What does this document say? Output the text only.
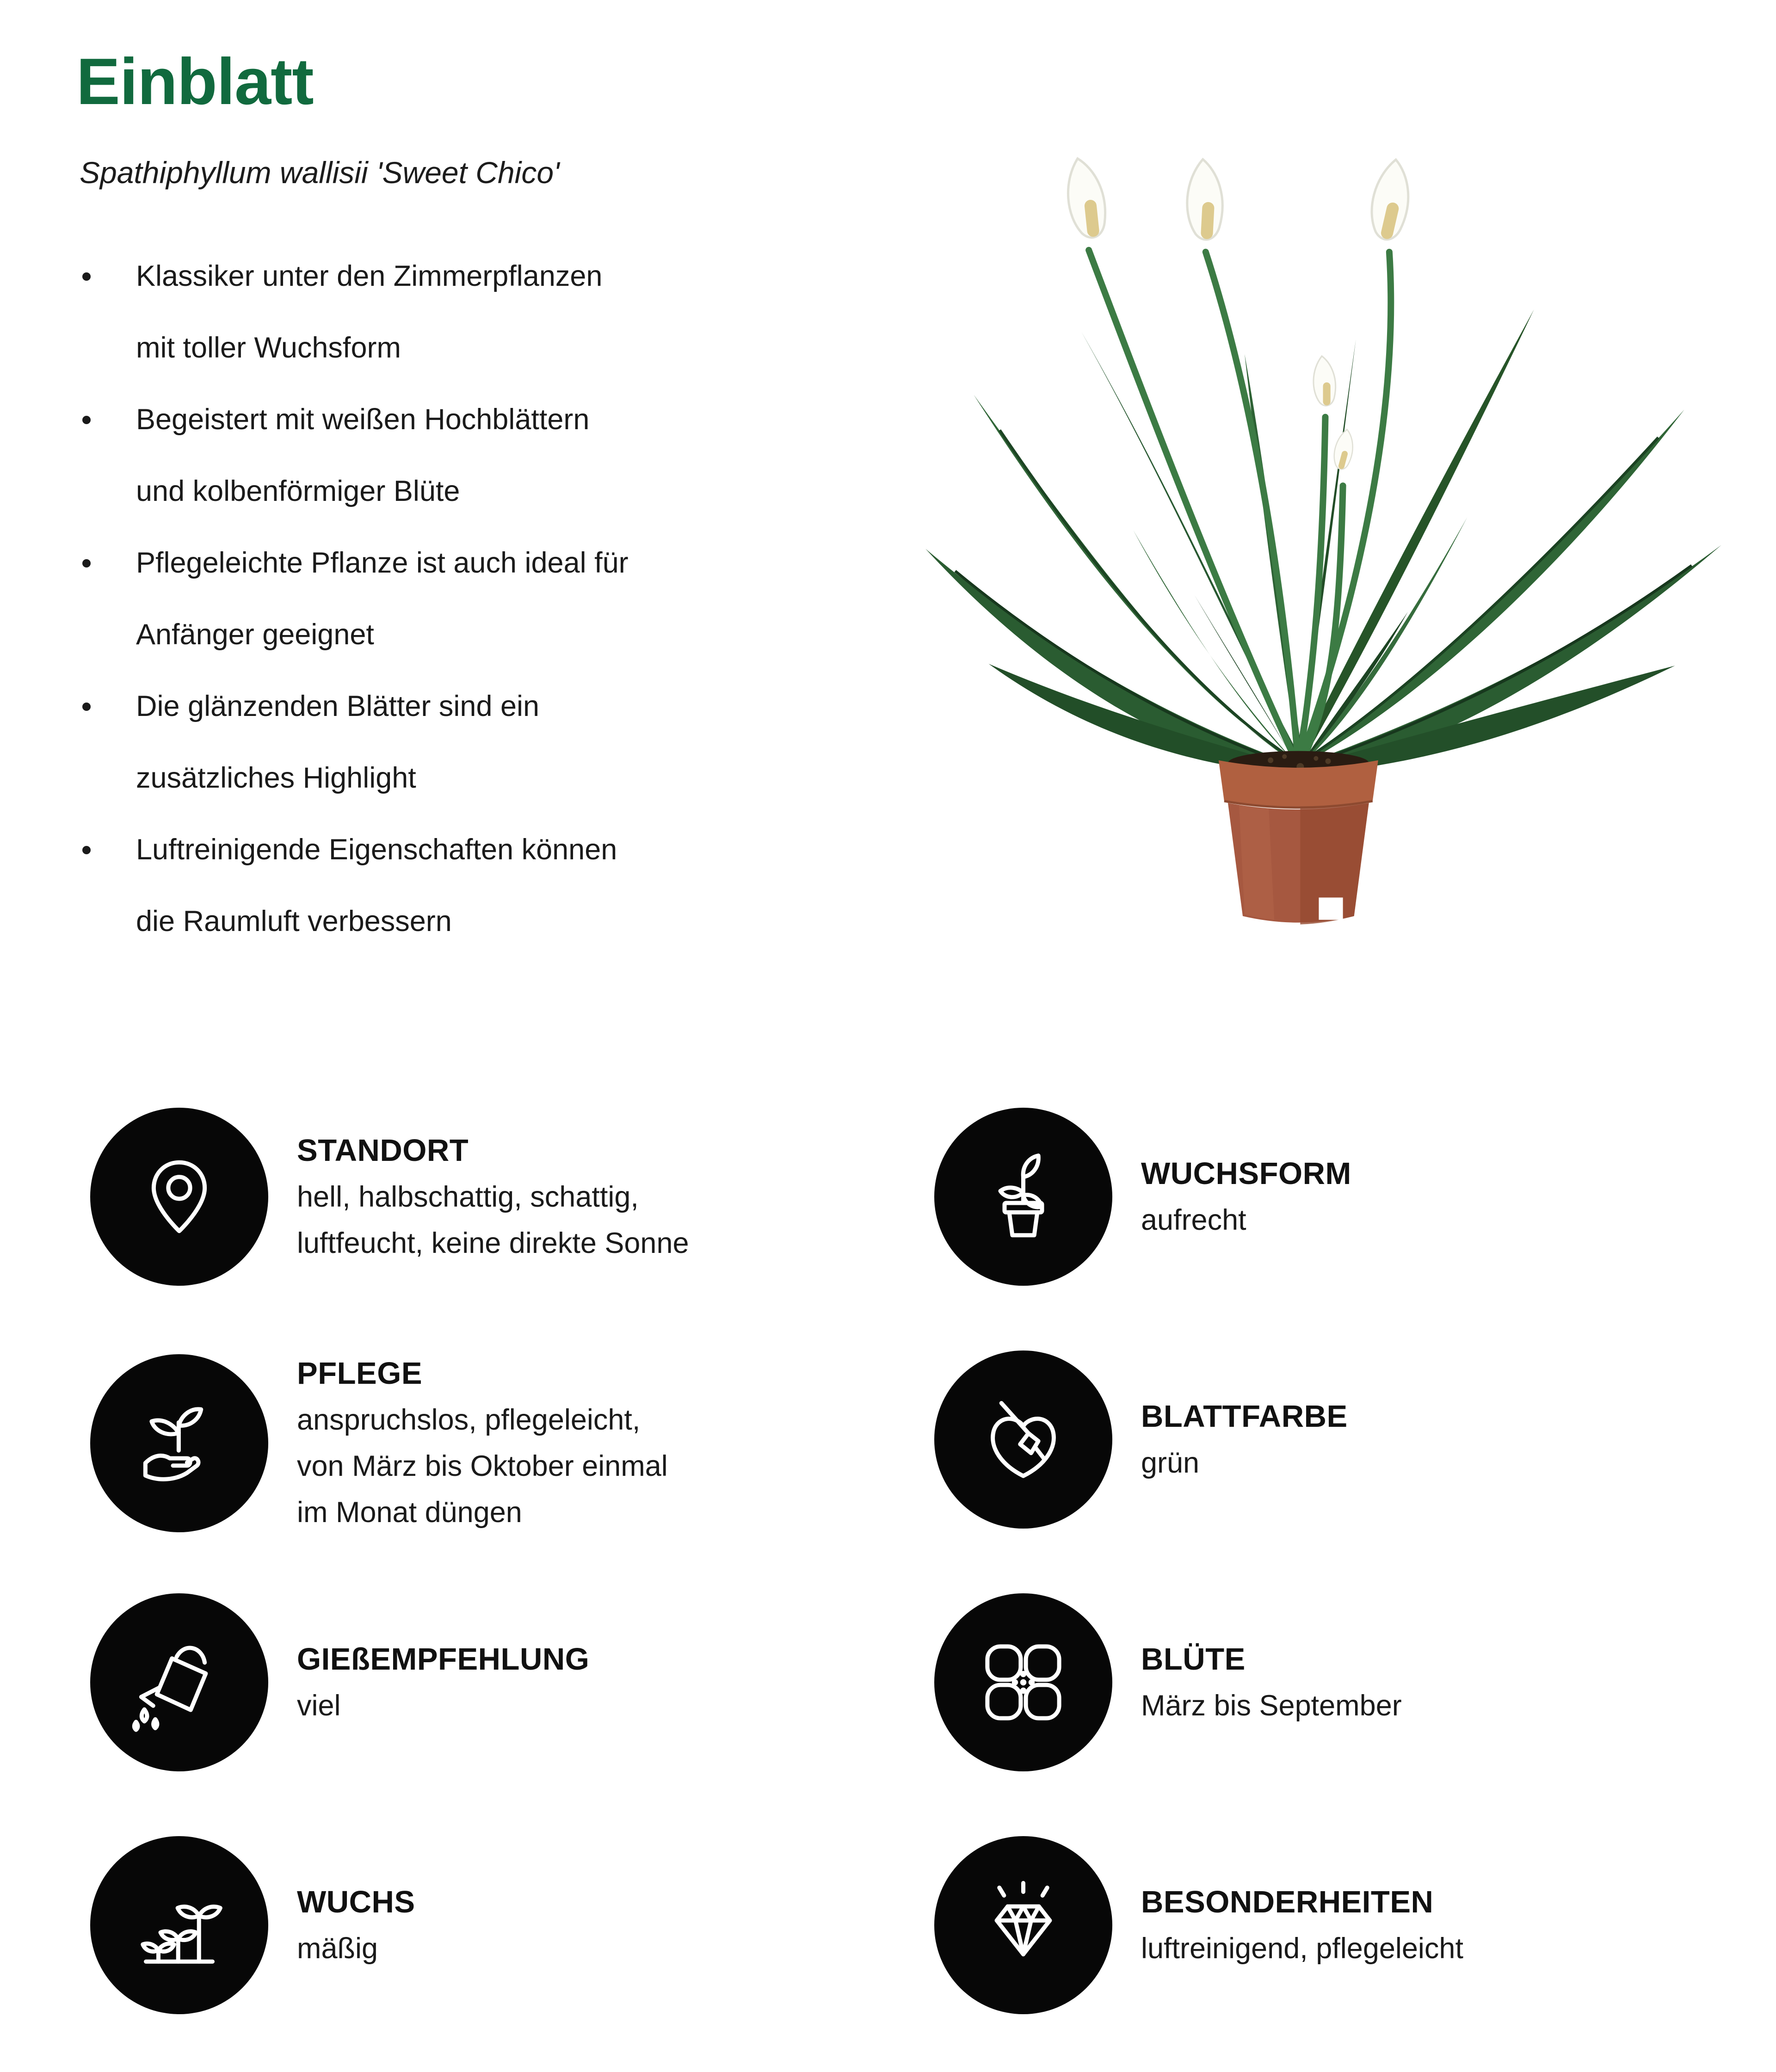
Einblatt
Spathiphyllum wallisii 'Sweet Chico'
Klassiker unter den Zimmerpflanzen
mit toller Wuchsform
Begeistert mit weißen Hochblättern
und kolbenförmiger Blüte
Pflegeleichte Pflanze ist auch ideal für
Anfänger geeignet
Die glänzenden Blätter sind ein
zusätzliches Highlight
Luftreinigende Eigenschaften können
die Raumluft verbessern
STANDORT
hell, halbschattig, schattig,
luftfeucht, keine direkte Sonne
WUCHSFORM
aufrecht
PFLEGE
anspruchslos, pflegeleicht,
von März bis Oktober einmal
im Monat düngen
BLATTFARBE
grün
GIEßEMPFEHLUNG
viel
BLÜTE
März bis September
WUCHS
mäßig
BESONDERHEITEN
luftreinigend, pflegeleicht
